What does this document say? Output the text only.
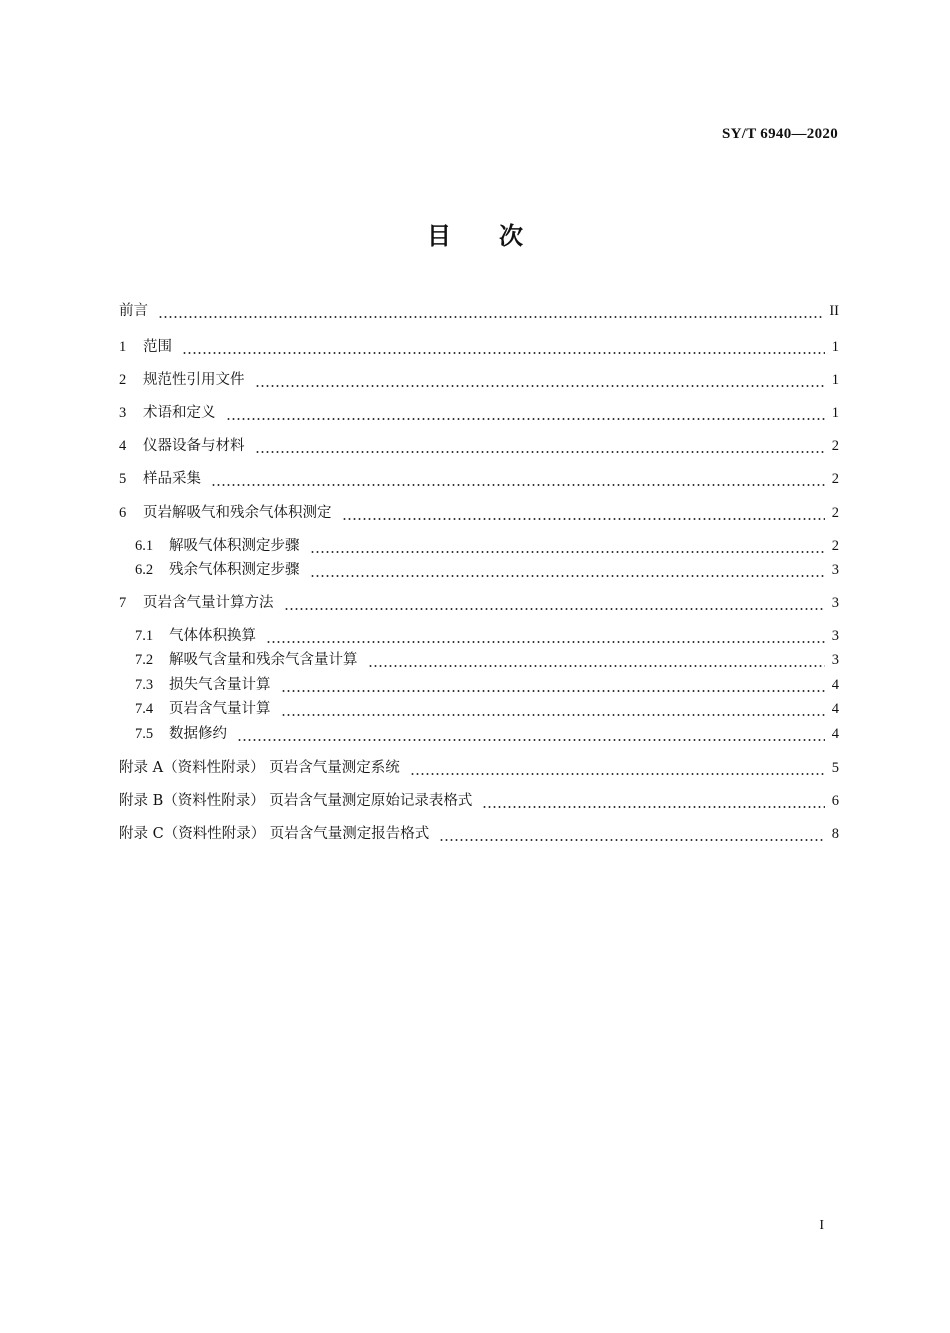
SY/T 6940—2020
目 次
前言	II
1	范围	1
2	规范性引用文件	1
3	术语和定义	1
4	仪器设备与材料	2
5	样品采集	2
6	页岩解吸气和残余气体积测定	2
6.1	解吸气体积测定步骤	2
6.2	残余气体积测定步骤	3
7	页岩含气量计算方法	3
7.1	气体体积换算	3
7.2	解吸气含量和残余气含量计算	3
7.3	损失气含量计算	4
7.4	页岩含气量计算	4
7.5	数据修约	4
附录 A（资料性附录） 页岩含气量测定系统	5
附录 B（资料性附录） 页岩含气量测定原始记录表格式	6
附录 C（资料性附录） 页岩含气量测定报告格式	8
I
